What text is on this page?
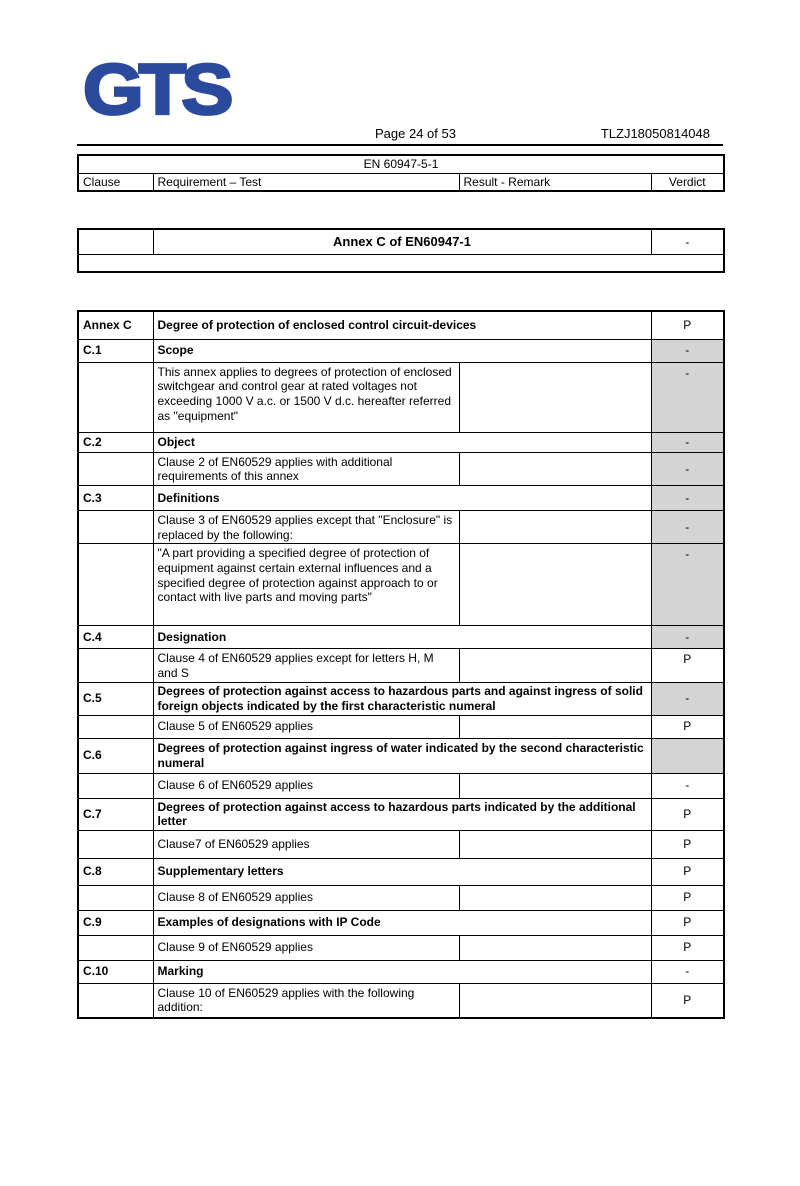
GTS
Page 24 of 53	TLZJ18050814048
EN 60947-5-1
Clause	Requirement – Test	Result - Remark	Verdict
	Annex C of EN60947-1	-

Annex C	Degree of protection of enclosed control circuit-devices		P
C.1	Scope		-
	This annex applies to degrees of protection of enclosed switchgear and control gear at rated voltages not exceeding 1000 V a.c. or 1500 V d.c. hereafter referred as "equipment"		-
C.2	Object		-
	Clause 2 of EN60529 applies with additional requirements of this annex		-
C.3	Definitions		-
	Clause 3 of EN60529 applies except that "Enclosure" is replaced by the following:		-
	"A part providing a specified degree of protection of equipment against certain external influences and a specified degree of protection against approach to or contact with live parts and moving parts"		-
C.4	Designation		-
	Clause 4 of EN60529 applies except for letters H, M and S		P
C.5	Degrees of protection against access to hazardous parts and against ingress of solid foreign objects indicated by the first characteristic numeral		-
	Clause 5 of EN60529 applies		P
C.6	Degrees of protection against ingress of water indicated by the second characteristic numeral		
	Clause 6 of EN60529 applies		-
C.7	Degrees of protection against access to hazardous parts indicated by the additional letter		P
	Clause7 of EN60529 applies		P
C.8	Supplementary letters		P
	Clause 8 of EN60529 applies		P
C.9	Examples of designations with IP Code		P
	Clause 9 of EN60529 applies		P
C.10	Marking		-
	Clause 10 of EN60529 applies with the following addition:		P
